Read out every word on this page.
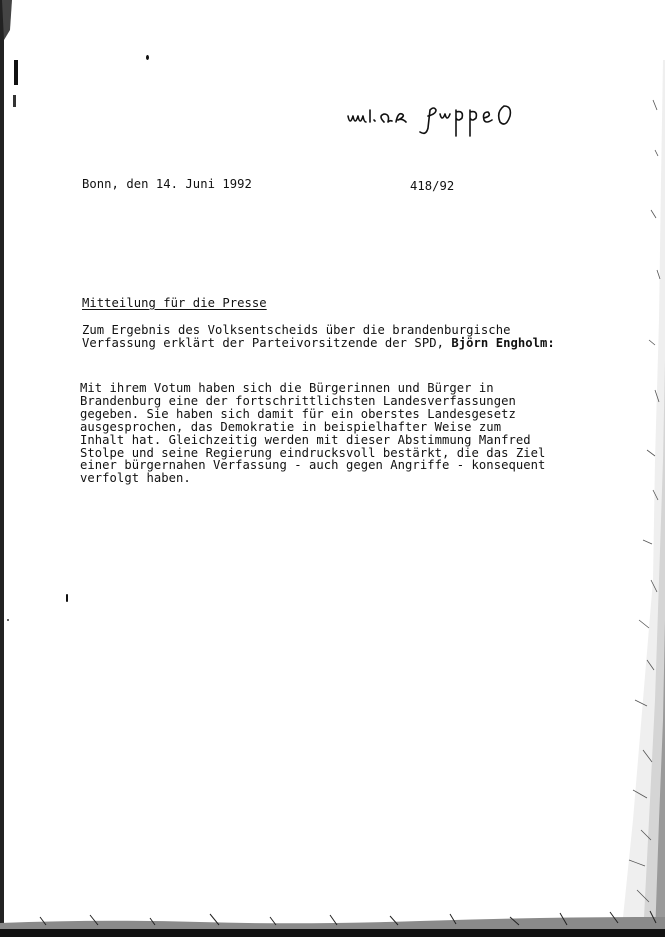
Bonn, den 14. Juni 1992	418/92
Mitteilung für die Presse
Zum Ergebnis des Volksentscheids über die brandenburgische
Verfassung erklärt der Parteivorsitzende der SPD, Björn Engholm:
Mit ihrem Votum haben sich die Bürgerinnen und Bürger in
Brandenburg eine der fortschrittlichsten Landesverfassungen
gegeben. Sie haben sich damit für ein oberstes Landesgesetz
ausgesprochen, das Demokratie in beispielhafter Weise zum
Inhalt hat. Gleichzeitig werden mit dieser Abstimmung Manfred
Stolpe und seine Regierung eindrucksvoll bestärkt, die das Ziel
einer bürgernahen Verfassung - auch gegen Angriffe - konsequent
verfolgt haben.
